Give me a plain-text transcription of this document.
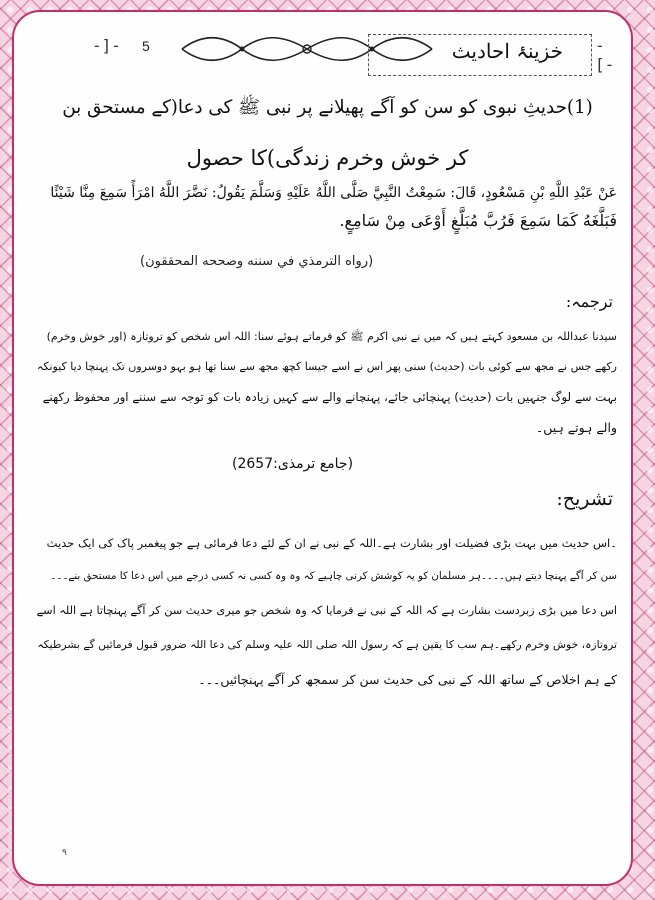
-]- 5	خزینۂ احادیث -[-
(1)حدیثِ نبوی کو سن کو آگے پھیلانے پر نبی ﷺ کی دعا(کے مستحق بن
کر خوش وخرم زندگی)کا حصول
عَنْ عَبْدِ اللَّهِ بْنِ مَسْعُودٍ، قَالَ: سَمِعْتُ النَّبِيَّ صَلَّى اللَّهُ عَلَيْهِ وَسَلَّمَ يَقُولُ: نَضَّرَ اللَّهُ امْرَأً سَمِعَ مِنَّا شَيْئًا
فَبَلَّغَهُ كَمَا سَمِعَ فَرُبَّ مُبَلَّغٍ أَوْعَى مِنْ سَامِعٍ.
(رواه الترمذي في سننه وصححه المحققون)
ترجمہ:
سیدنا عبداللہ بن مسعود کہتے ہیں کہ میں نے نبی اکرم ﷺ کو فرماتے ہوئے سنا: اللہ اس شخص کو تروتازہ (اور خوش وخرم)
رکھے جس نے مجھ سے کوئی بات (حدیث) سنی پھر اس نے اسے جیسا کچھ مجھ سے سنا تھا ہو بہو دوسروں تک پہنچا دیا کیونکہ
بہت سے لوگ جنہیں بات (حدیث) پہنچائی جائے، پہنچانے والے سے کہیں زیادہ بات کو توجہ سے سننے اور محفوظ رکھنے
والے ہوتے ہیں۔
(جامع ترمذی:2657)
تشریح:
۔اس حدیث میں بہت بڑی فضیلت اور بشارت ہے۔اللہ کے نبی نے ان کے لئے دعا فرمائی ہے جو پیغمبر پاک کی ایک حدیث
سن کر آگے پہنچا دیتے ہیں۔۔۔۔ہر مسلمان کو یہ کوشش کرنی چاہیے کہ وہ وہ کسی نہ کسی درجے میں اس دعا کا مستحق بنے۔۔۔
اس دعا میں بڑی زبردست بشارت ہے کہ اللہ کے نبی نے فرمایا کہ وہ شخص جو میری حدیث سن کر آگے پہنچاتا ہے اللہ اسے
تروتازہ، خوش وخرم رکھے۔ہم سب کا یقین ہے کہ رسول اللہ صلی اللہ علیہ وسلم کی دعا اللہ ضرور قبول فرمائیں گے بشرطیکہ
کے ہم اخلاص کے ساتھ اللہ کے نبی کی حدیث سن کر سمجھ کر آگے پہنچائیں۔۔۔
٩
